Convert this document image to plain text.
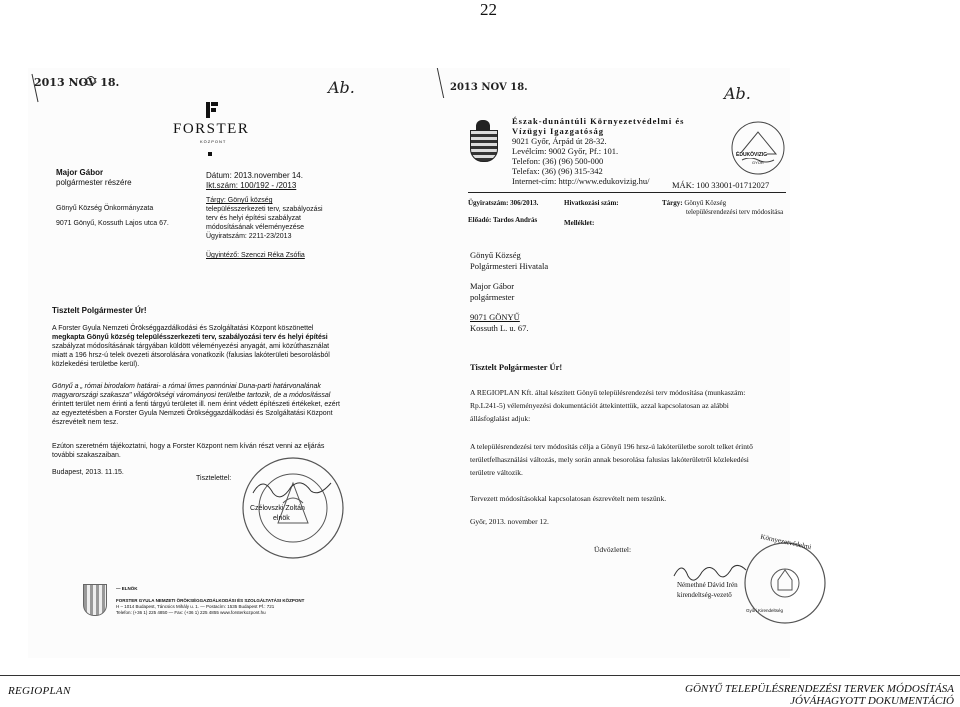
22
2013 NOV 18.	Ab.
FORSTER
KÖZPONT
Major Gábor
polgármester részére
Dátum: 2013.november 14.
Ikt.szám: 100/192 - /2013
Gönyű Község Önkormányzata
9071 Gönyű, Kossuth Lajos utca 67.
Tárgy: Gönyű község
településszerkezeti terv, szabályozási
terv és helyi építési szabályzat
módosításának véleményezése
Ügyiratszám: 2211-23/2013
Ügyintéző: Szenczi Réka Zsófia
Tisztelt Polgármester Úr!
A Forster Gyula Nemzeti Örökséggazdálkodási és Szolgáltatási Központ köszönettel
megkapta Gönyű község településszerkezeti terv, szabályozási terv és helyi építési
szabályzat módosításának tárgyában küldött véleményezési anyagát, ami közúthasználat
miatt a 196 hrsz-ú telek övezeti átsorolására vonatkozik (falusias lakóterületi besorolásból
közlekedési területbe kerül).
Gönyű a „ római birodalom határai- a római limes pannóniai Duna-parti határvonalának
magyarországi szakasza" világörökségi várományosi területbe tartozik, de a módosítással
érintett terület nem érinti a fenti tárgyú területet ill. nem érint védett építészeti értékeket, ezért
az egyeztetésben a Forster Gyula Nemzeti Örökséggazdálkodási és Szolgáltatási Központ
észrevételt nem tesz.
Ezúton szeretném tájékoztatni, hogy a Forster Központ nem kíván részt venni az eljárás
további szakaszaiban.
Budapest, 2013. 11.15.
Tisztelettel:
Czélovszki Zoltán
elnök
— ELNÖK
FORSTER GYULA NEMZETI ÖRÖKSÉGGAZDÁLKODÁSI ÉS SZOLGÁLTATÁSI KÖZPONT
H – 1014 Budapest, Táncsics Mihály u. 1. — Postacím: 1535 Budapest Pf.: 721
Telefon: (+36 1) 225 4850 — Fax: (+36 1) 225 4855 www.forsterkozpont.hu
2013 NOV 18.	Ab.
Észak-dunántúli Környezetvédelmi és
Vízügyi Igazgatóság
9021 Győr, Árpád út 28-32.
Levélcím: 9002 Győr, Pf.: 101.
Telefon: (36) (96) 500-000
Telefax: (36) (96) 315-342
Internet-cím: http://www.edukovizig.hu/	MÁK: 100 33001-01712027
ÉDUKÖVIZIG
GYŐR
Ügyiratszám: 306/2013.	Hivatkozási szám:	Tárgy: Gönyű Község
településrendezési terv módosítása
Előadó: Tardos András	Melléklet:
Gönyű Község
Polgármesteri Hivatala
Major Gábor
polgármester
9071 GÖNYŰ
Kossuth L. u. 67.
Tisztelt Polgármester Úr!
A REGIOPLAN Kft. által készített Gönyű településrendezési terv módosítása (munkaszám:
Rp.L241-5) véleményezési dokumentációt áttekintettük, azzal kapcsolatosan az alábbi
állásfoglalást adjuk:
A településrendezési terv módosítás célja a Gönyű 196 hrsz-ú lakóterületbe sorolt telket érintő
területfelhasználási változás, mely során annak besorolása falusias lakóterületről közlekedési
területre változik.
Tervezett módosításokkal kapcsolatosan észrevételt nem teszünk.
Győr, 2013. november 12.
Üdvözlettel:	Környezetvédelmi
Győri Kirendeltség
Némethné Dávid Irén
kirendeltség-vezető
REGIOPLAN	GÖNYŰ TELEPÜLÉSRENDEZÉSI TERVEK MÓDOSÍTÁSA
JÓVÁHAGYOTT DOKUMENTÁCIÓ
